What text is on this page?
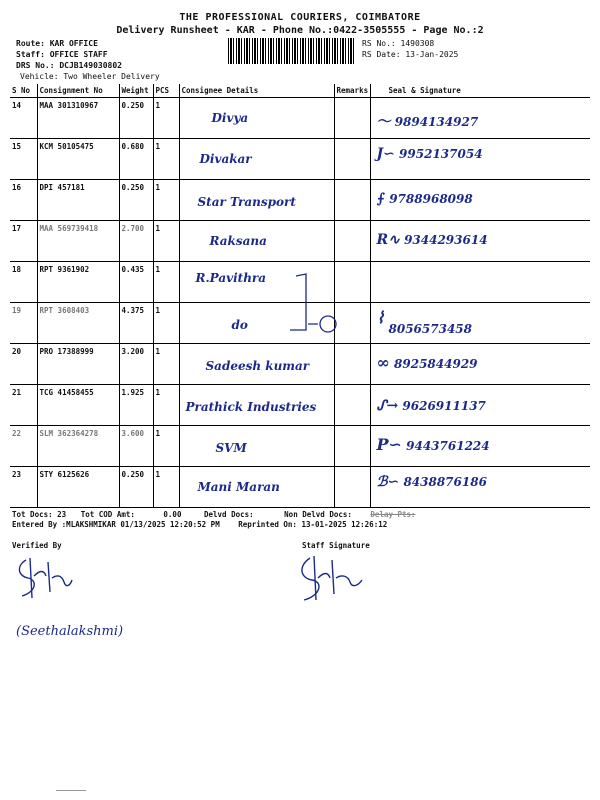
THE PROFESSIONAL COURIERS, COIMBATORE
Delivery Runsheet - KAR - Phone No.:0422-3505555 - Page No.:2
Route: KAR OFFICE
Staff: OFFICE STAFF
DRS No.: DCJB149030802
Vehicle: Two Wheeler Delivery
RS No.: 1490308
RS Date: 13-Jan-2025
S No	Consignment No	Weight	PCS	Consignee Details	Remarks	Seal & Signature
14	MAA 301310967	0.250	1	Divya		〜 9894134927

15	KCM 50105475	0.680	1	Divakar		J∽ 9952137054

16	DPI 457181	0.250	1	Star Transport		⨍ 9788968098

17	MAA 569739418	2.700	1	Raksana		R∿ 9344293614

18	RPT 9361902	0.435	1	R.Pavithra		

19	RPT 3608403	4.375	1	do		⌇ 8056573458

20	PRO 17388999	3.200	1	Sadeesh kumar		∞ 8925844929

21	TCG 41458455	1.925	1	Prathick Industries		ᔑ→ 9626911137

22	SLM 362364278	3.600	1	SVM		P∽ 9443761224

23	STY 6125626	0.250	1	Mani Maran		ℬ∽ 8438876186
Tot Docs: 23 Tot COD Amt:	0.00	Delvd Docs:	Non Delvd Docs: Delay Pts:
Entered By :MLAKSHMIKAR 01/13/2025 12:20:52 PM Reprinted On: 13-01-2025 12:26:12
Verified By	Staff Signature
(Seethalakshmi)
